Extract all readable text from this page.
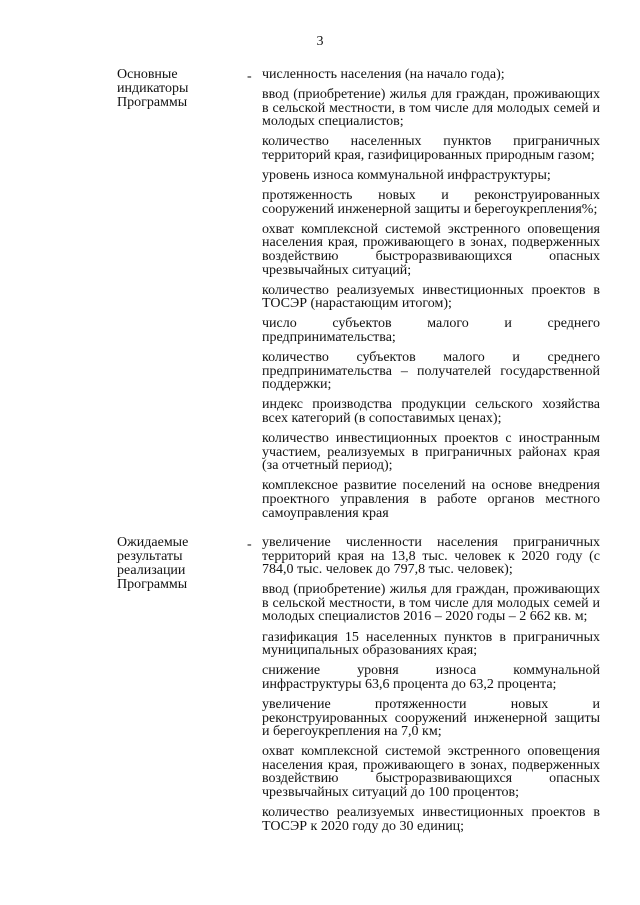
3
Основные индикаторы Программы
- численность населения (на начало года);

ввод (приобретение) жилья для граждан, проживающих в сельской местности, в том числе для молодых семей и молодых специалистов;

количество населенных пунктов приграничных территорий края, газифицированных природным газом;

уровень износа коммунальной инфраструктуры;

протяженность новых и реконструированных сооружений инженерной защиты и берегоукрепления%;

охват комплексной системой экстренного оповещения населения края, проживающего в зонах, подверженных воздействию быстроразвивающихся опасных чрезвычайных ситуаций;

количество реализуемых инвестиционных проектов в ТОСЭР (нарастающим итогом);

число субъектов малого и среднего предпринимательства;

количество субъектов малого и среднего предпринимательства – получателей государственной поддержки;

индекс производства продукции сельского хозяйства всех категорий (в сопоставимых ценах);

количество инвестиционных проектов с иностранным участием, реализуемых в приграничных районах края (за отчетный период);

комплексное развитие поселений на основе внедрения проектного управления в работе органов местного самоуправления края

Ожидаемые результаты реализации Программы
- увеличение численности населения приграничных территорий края на 13,8 тыс. человек к 2020 году (с 784,0 тыс. человек до 797,8 тыс. человек);

ввод (приобретение) жилья для граждан, проживающих в сельской местности, в том числе для молодых семей и молодых специалистов 2016 – 2020 годы – 2 662 кв. м;

газификация 15 населенных пунктов в приграничных муниципальных образованиях края;

снижение уровня износа коммунальной инфраструктуры 63,6 процента до 63,2 процента;

увеличение протяженности новых и реконструированных сооружений инженерной защиты и берегоукрепления на 7,0 км;

охват комплексной системой экстренного оповещения населения края, проживающего в зонах, подверженных воздействию быстроразвивающихся опасных чрезвычайных ситуаций до 100 процентов;

количество реализуемых инвестиционных проектов в ТОСЭР к 2020 году до 30 единиц;
